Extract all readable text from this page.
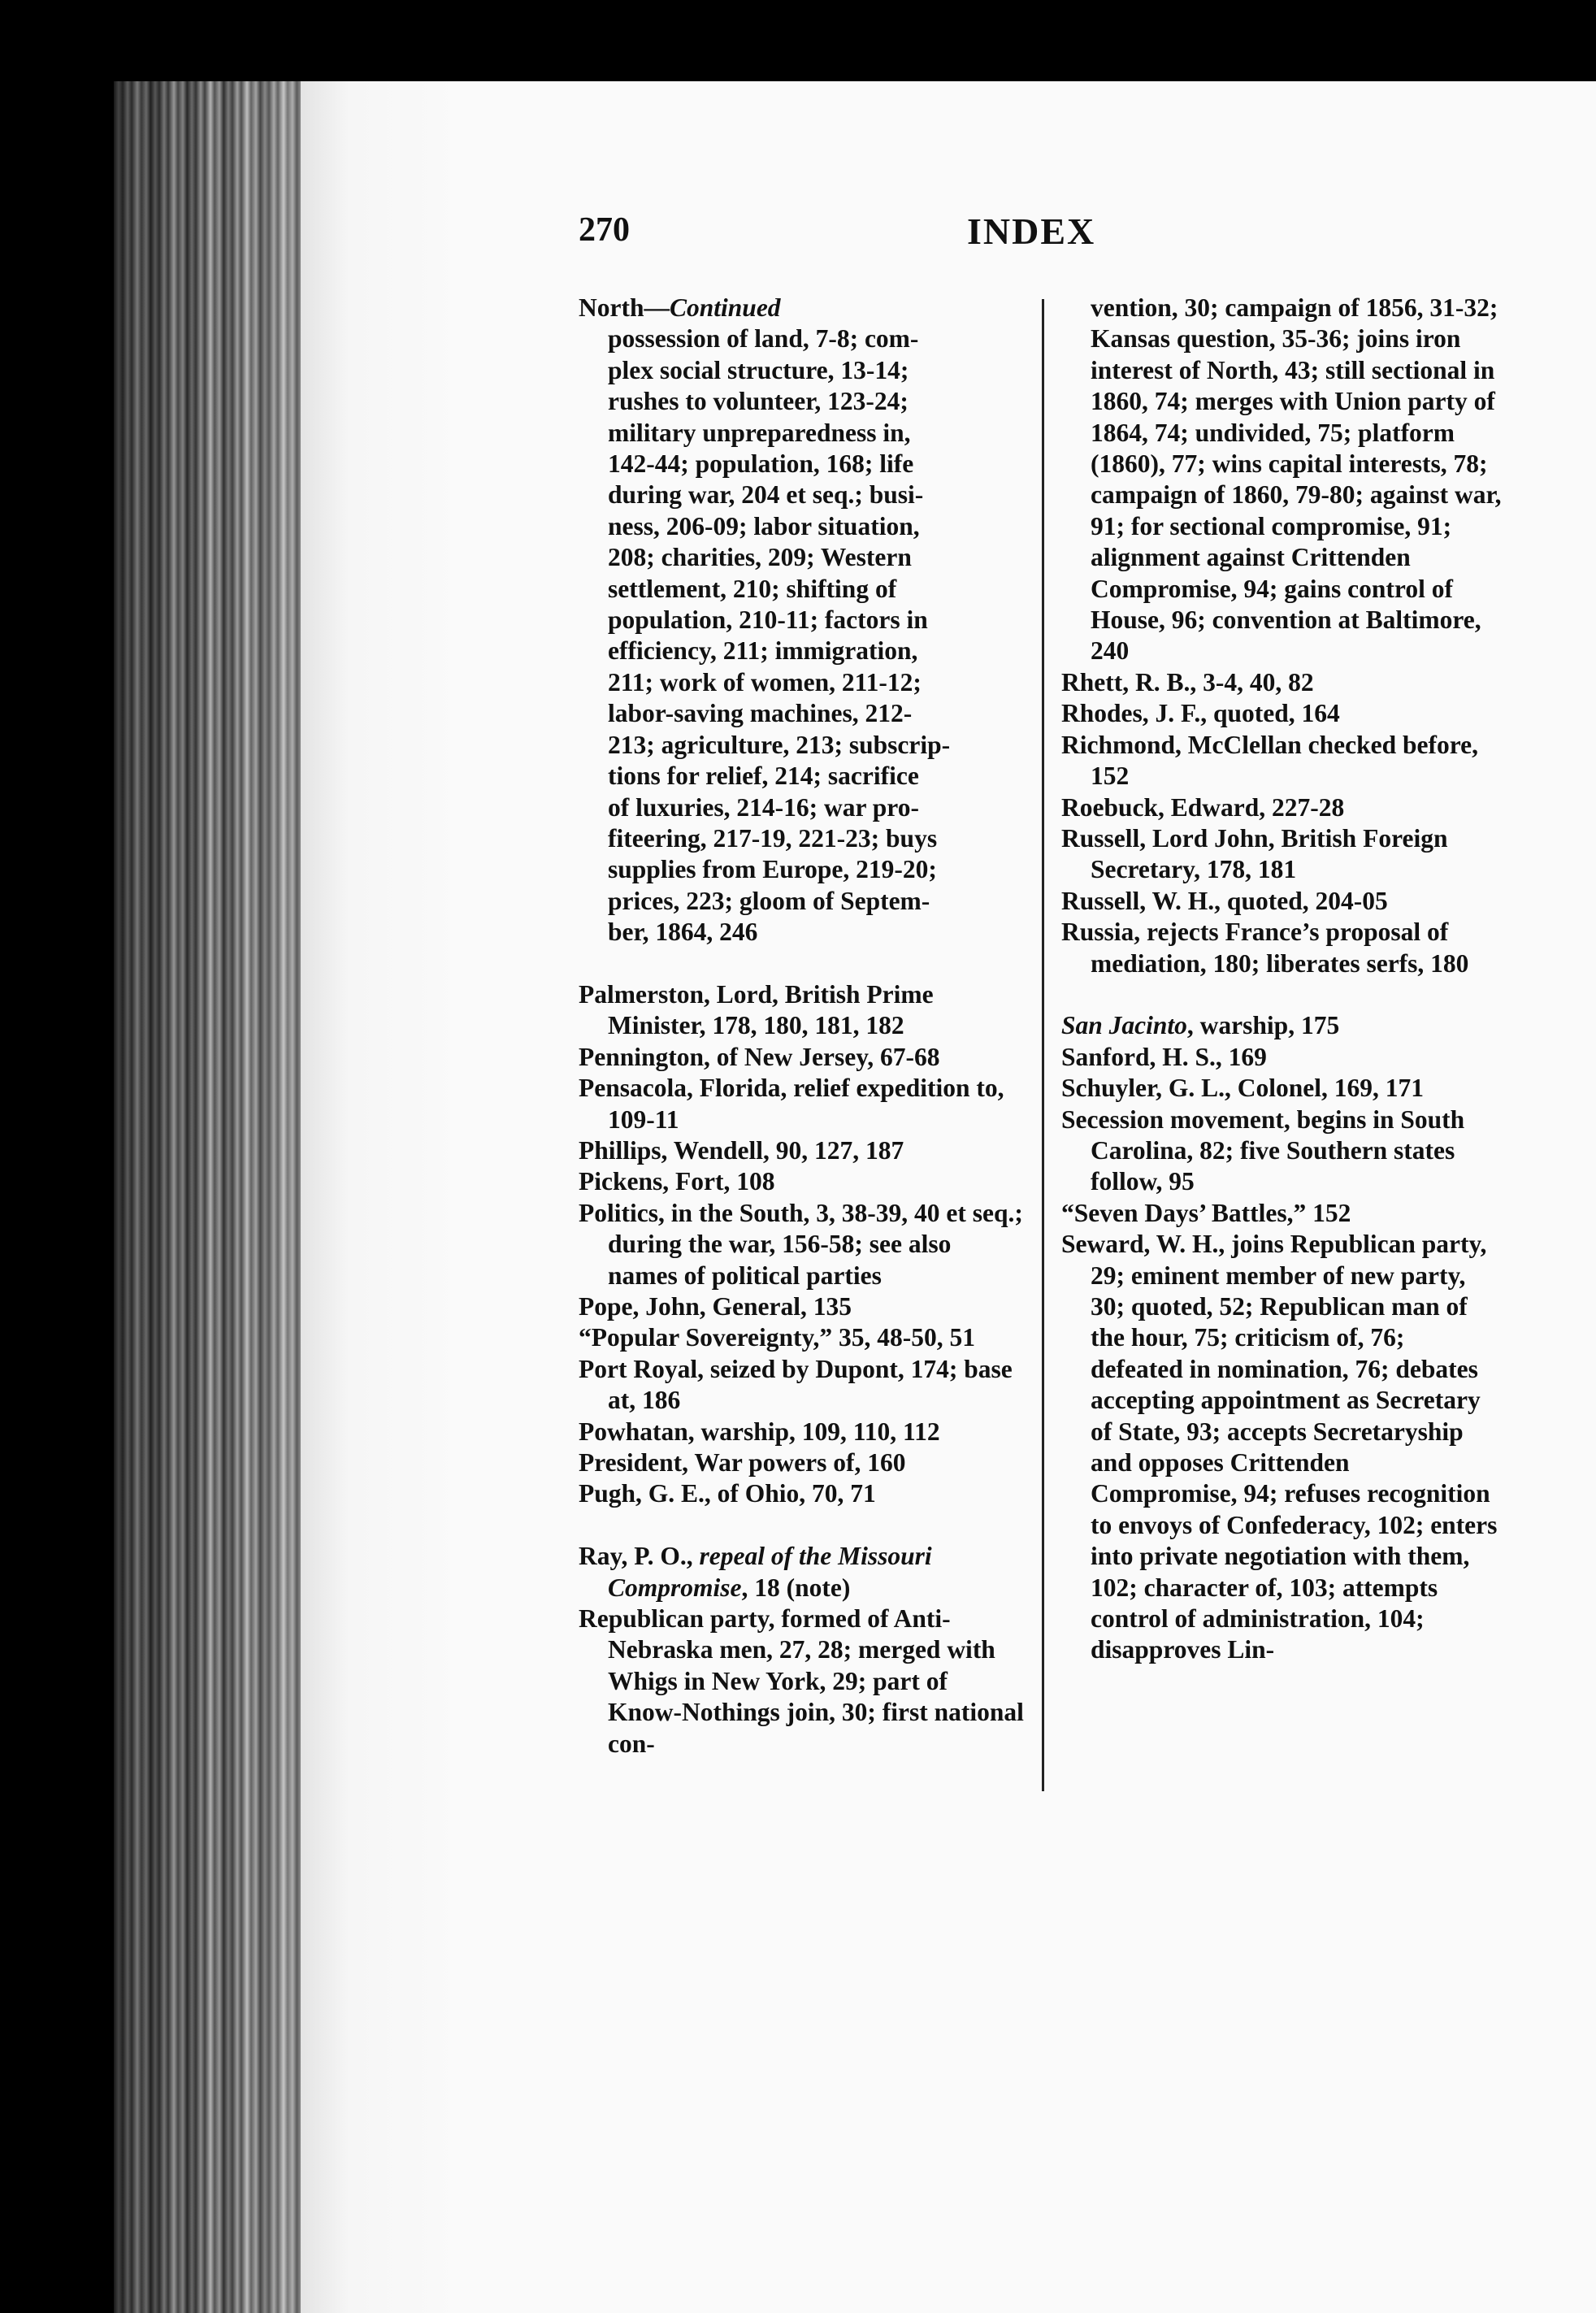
270	INDEX

North—Continued

possession of land, 7-8; com-
plex social structure, 13-14;
rushes to volunteer, 123-24;
military unpreparedness in,
142-44; population, 168; life
during war, 204 et seq.; busi-
ness, 206-09; labor situation,
208; charities, 209; Western
settlement, 210; shifting of
population, 210-11; factors in
efficiency, 211; immigration,
211; work of women, 211-12;
labor-saving machines, 212-
213; agriculture, 213; subscrip-
tions for relief, 214; sacrifice
of luxuries, 214-16; war pro-
fiteering, 217-19, 221-23; buys
supplies from Europe, 219-20;
prices, 223; gloom of Septem-
ber, 1864, 246
Palmerston, Lord, British Prime Minister, 178, 180, 181, 182
Pennington, of New Jersey, 67-68
Pensacola, Florida, relief expedition to, 109-11
Phillips, Wendell, 90, 127, 187
Pickens, Fort, 108
Politics, in the South, 3, 38-39, 40 et seq.; during the war, 156-58; see also names of political parties
Pope, John, General, 135
“Popular Sovereignty,” 35, 48-50, 51
Port Royal, seized by Dupont, 174; base at, 186
Powhatan, warship, 109, 110, 112
President, War powers of, 160
Pugh, G. E., of Ohio, 70, 71
Ray, P. O., repeal of the Missouri Compromise, 18 (note)
Republican party, formed of Anti-Nebraska men, 27, 28; merged with Whigs in New York, 29; part of Know-Nothings join, 30; first national con-
vention, 30; campaign of 1856, 31-32; Kansas question, 35-36; joins iron interest of North, 43; still sectional in 1860, 74; merges with Union party of 1864, 74; undivided, 75; platform (1860), 77; wins capital interests, 78; campaign of 1860, 79-80; against war, 91; for sectional compromise, 91; alignment against Crittenden Compromise, 94; gains control of House, 96; convention at Baltimore, 240
Rhett, R. B., 3-4, 40, 82
Rhodes, J. F., quoted, 164
Richmond, McClellan checked before, 152
Roebuck, Edward, 227-28
Russell, Lord John, British Foreign Secretary, 178, 181
Russell, W. H., quoted, 204-05
Russia, rejects France’s proposal of mediation, 180; liberates serfs, 180
San Jacinto, warship, 175
Sanford, H. S., 169
Schuyler, G. L., Colonel, 169, 171
Secession movement, begins in South Carolina, 82; five Southern states follow, 95
“Seven Days’ Battles,” 152
Seward, W. H., joins Republican party, 29; eminent member of new party, 30; quoted, 52; Republican man of the hour, 75; criticism of, 76; defeated in nomination, 76; debates accepting appointment as Secretary of State, 93; accepts Secretaryship and opposes Crittenden Compromise, 94; refuses recognition to envoys of Confederacy, 102; enters into private negotiation with them, 102; character of, 103; attempts control of administration, 104; disapproves Lin-
